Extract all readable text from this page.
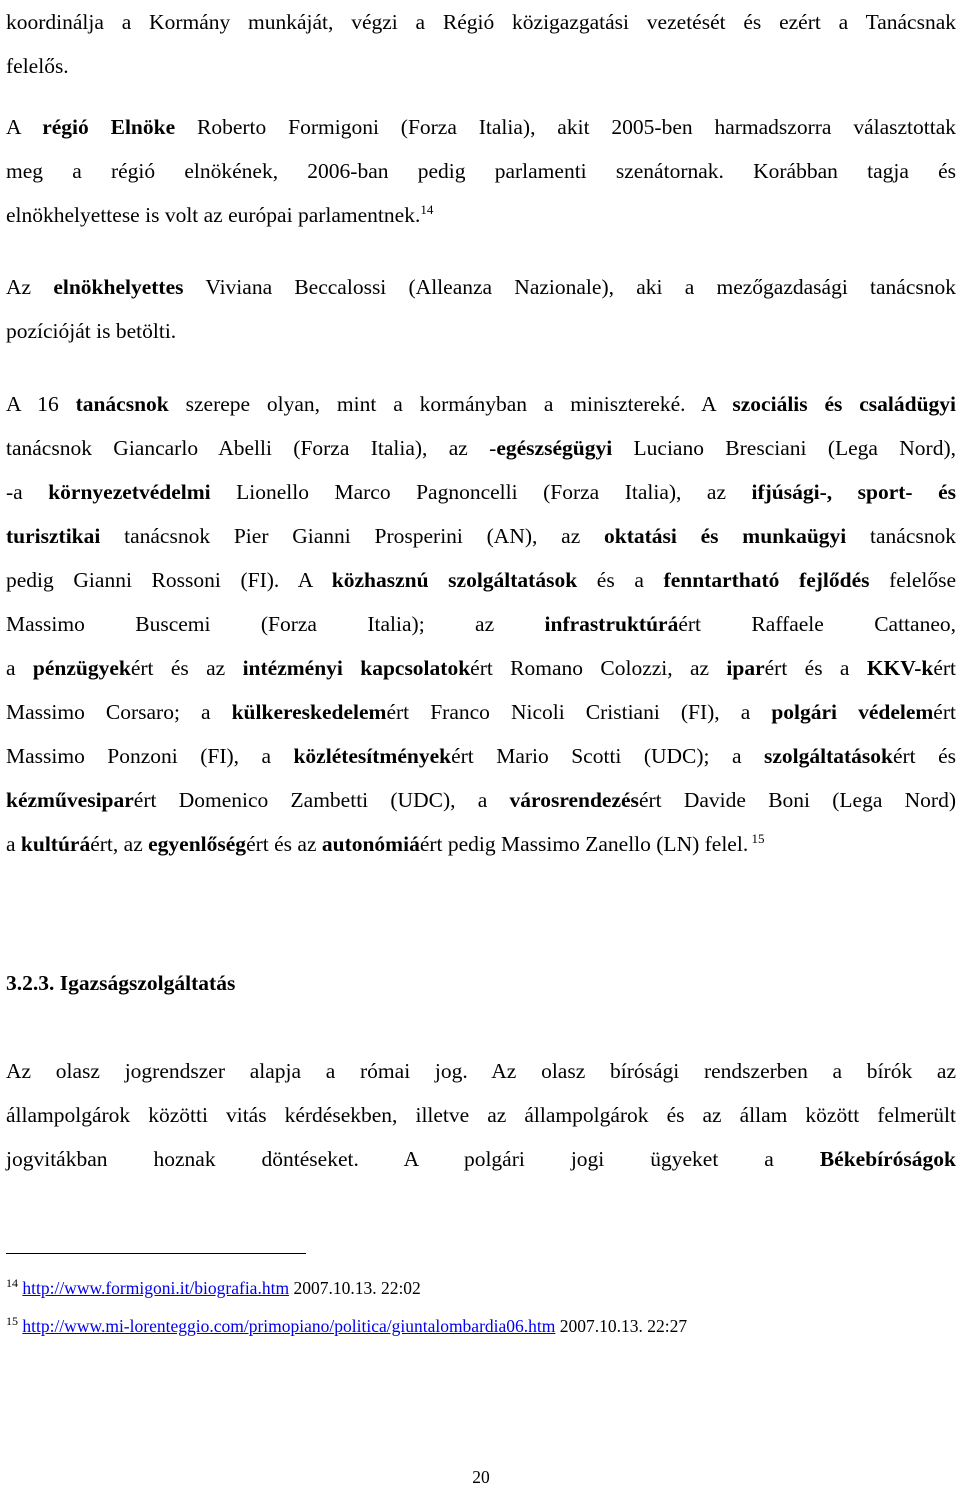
koordinálja a Kormány munkáját, végzi a Régió közigazgatási vezetését és ezért a Tanácsnak
felelős.
A régió Elnöke Roberto Formigoni (Forza Italia), akit 2005-ben harmadszorra választottak
meg a régió elnökének, 2006-ban pedig parlamenti szenátornak. Korábban tagja és
elnökhelyettese is volt az európai parlamentnek.$^{14}$
Az elnökhelyettes Viviana Beccalossi (Alleanza Nazionale), aki a mezőgazdasági tanácsnok
pozícióját is betölti.
A 16 tanácsnok szerepe olyan, mint a kormányban a minisztereké. A szociális és családügyi
tanácsnok Giancarlo Abelli (Forza Italia), az -egészségügyi Luciano Bresciani (Lega Nord),
-a környezetvédelmi Lionello Marco Pagnoncelli (Forza Italia), az ifjúsági-, sport- és
turisztikai tanácsnok Pier Gianni Prosperini (AN), az oktatási és munkaügyi tanácsnok
pedig Gianni Rossoni (FI). A közhasznú szolgáltatások és a fenntartható fejlődés felelőse
Massimo Buscemi (Forza Italia); az infrastruktúráért Raffaele Cattaneo,
a pénzügyekért és az intézményi kapcsolatokért Romano Colozzi, az iparért és a KKV-kért
Massimo Corsaro; a külkereskedelemért Franco Nicoli Cristiani (FI), a polgári védelemért
Massimo Ponzoni (FI), a közlétesítményekért Mario Scotti (UDC); a szolgáltatásokért és
kézművesiparért Domenico Zambetti (UDC), a városrendezésért Davide Boni (Lega Nord)
a kultúráért, az egyenlőségért és az autonómiáért pedig Massimo Zanello (LN) felel. $^{15}$
3.2.3. Igazságszolgáltatás
Az olasz jogrendszer alapja a római jog. Az olasz bírósági rendszerben a bírók az
állampolgárok közötti vitás kérdésekben, illetve az állampolgárok és az állam között felmerült
jogvitákban hoznak döntéseket. A polgári jogi ügyeket a Békebíróságok
$^{14}$ http://www.formigoni.it/biografia.htm 2007.10.13. 22:02
$^{15}$ http://www.mi-lorenteggio.com/primopiano/politica/giuntalombardia06.htm 2007.10.13. 22:27
20
